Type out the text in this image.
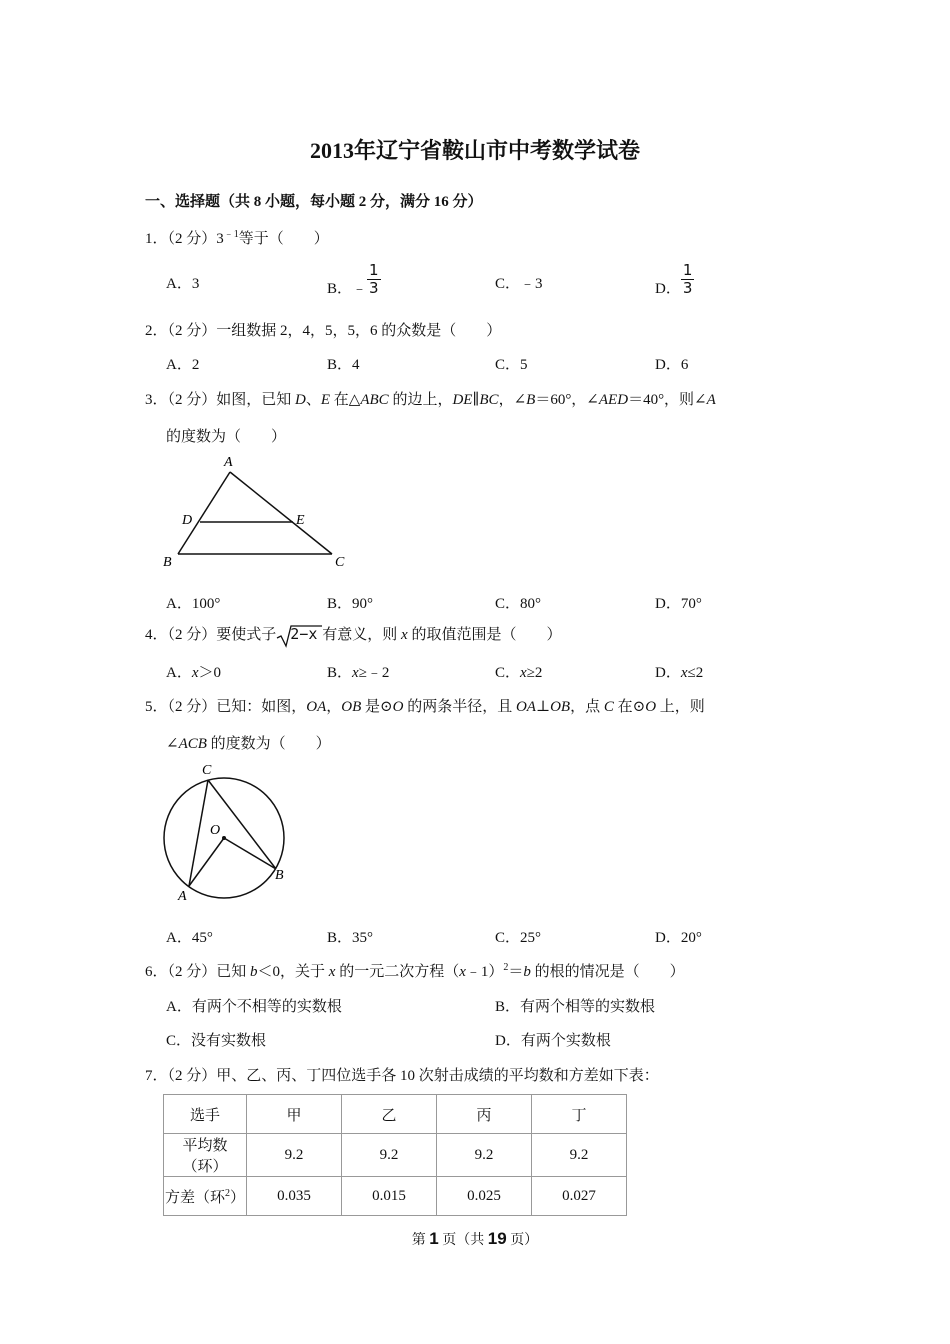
2013年辽宁省鞍山市中考数学试卷
一、选择题（共 8 小题，每小题 2 分，满分 16 分）
1．（2 分）$3^{﹣1}$等于（　　）
A．3	B．﹣ $\frac{1}{3}$	C．﹣3	D． $\frac{1}{3}$
2．（2 分）一组数据 2，4，5，5，6 的众数是（　　）
A．2	B．4	C．5	D．6
3．（2 分）如图，已知 D、E 在△ABC 的边上，DE∥BC，∠B＝60°，∠AED＝40°，则∠A
的度数为（　　）
A
D	E
B	C
A．100°	B．90°	C．80°	D．70°
4．（2 分）要使式子 2−x 有意义，则 x 的取值范围是（　　）
A．x＞0	B．x≥﹣2	C．x≥2	D．x≤2
5．（2 分）已知：如图，OA，OB 是⊙O 的两条半径，且 OA⊥OB，点 C 在⊙O 上，则
∠ACB 的度数为（　　）
C
O
A
B
A．45°	B．35°	C．25°	D．20°
6．（2 分）已知 b＜0，关于 x 的一元二次方程（x﹣1）$^2$＝b 的根的情况是（　　）
A．有两个不相等的实数根	B．有两个相等的实数根
C．没有实数根	D．有两个实数根
7．（2 分）甲、乙、丙、丁四位选手各 10 次射击成绩的平均数和方差如下表：
选手	甲	乙	丙	丁
平均数（环）	9.2	9.2	9.2	9.2
方差（环$^2$）	0.035	0.015	0.025	0.027
第 1 页（共 19 页）
